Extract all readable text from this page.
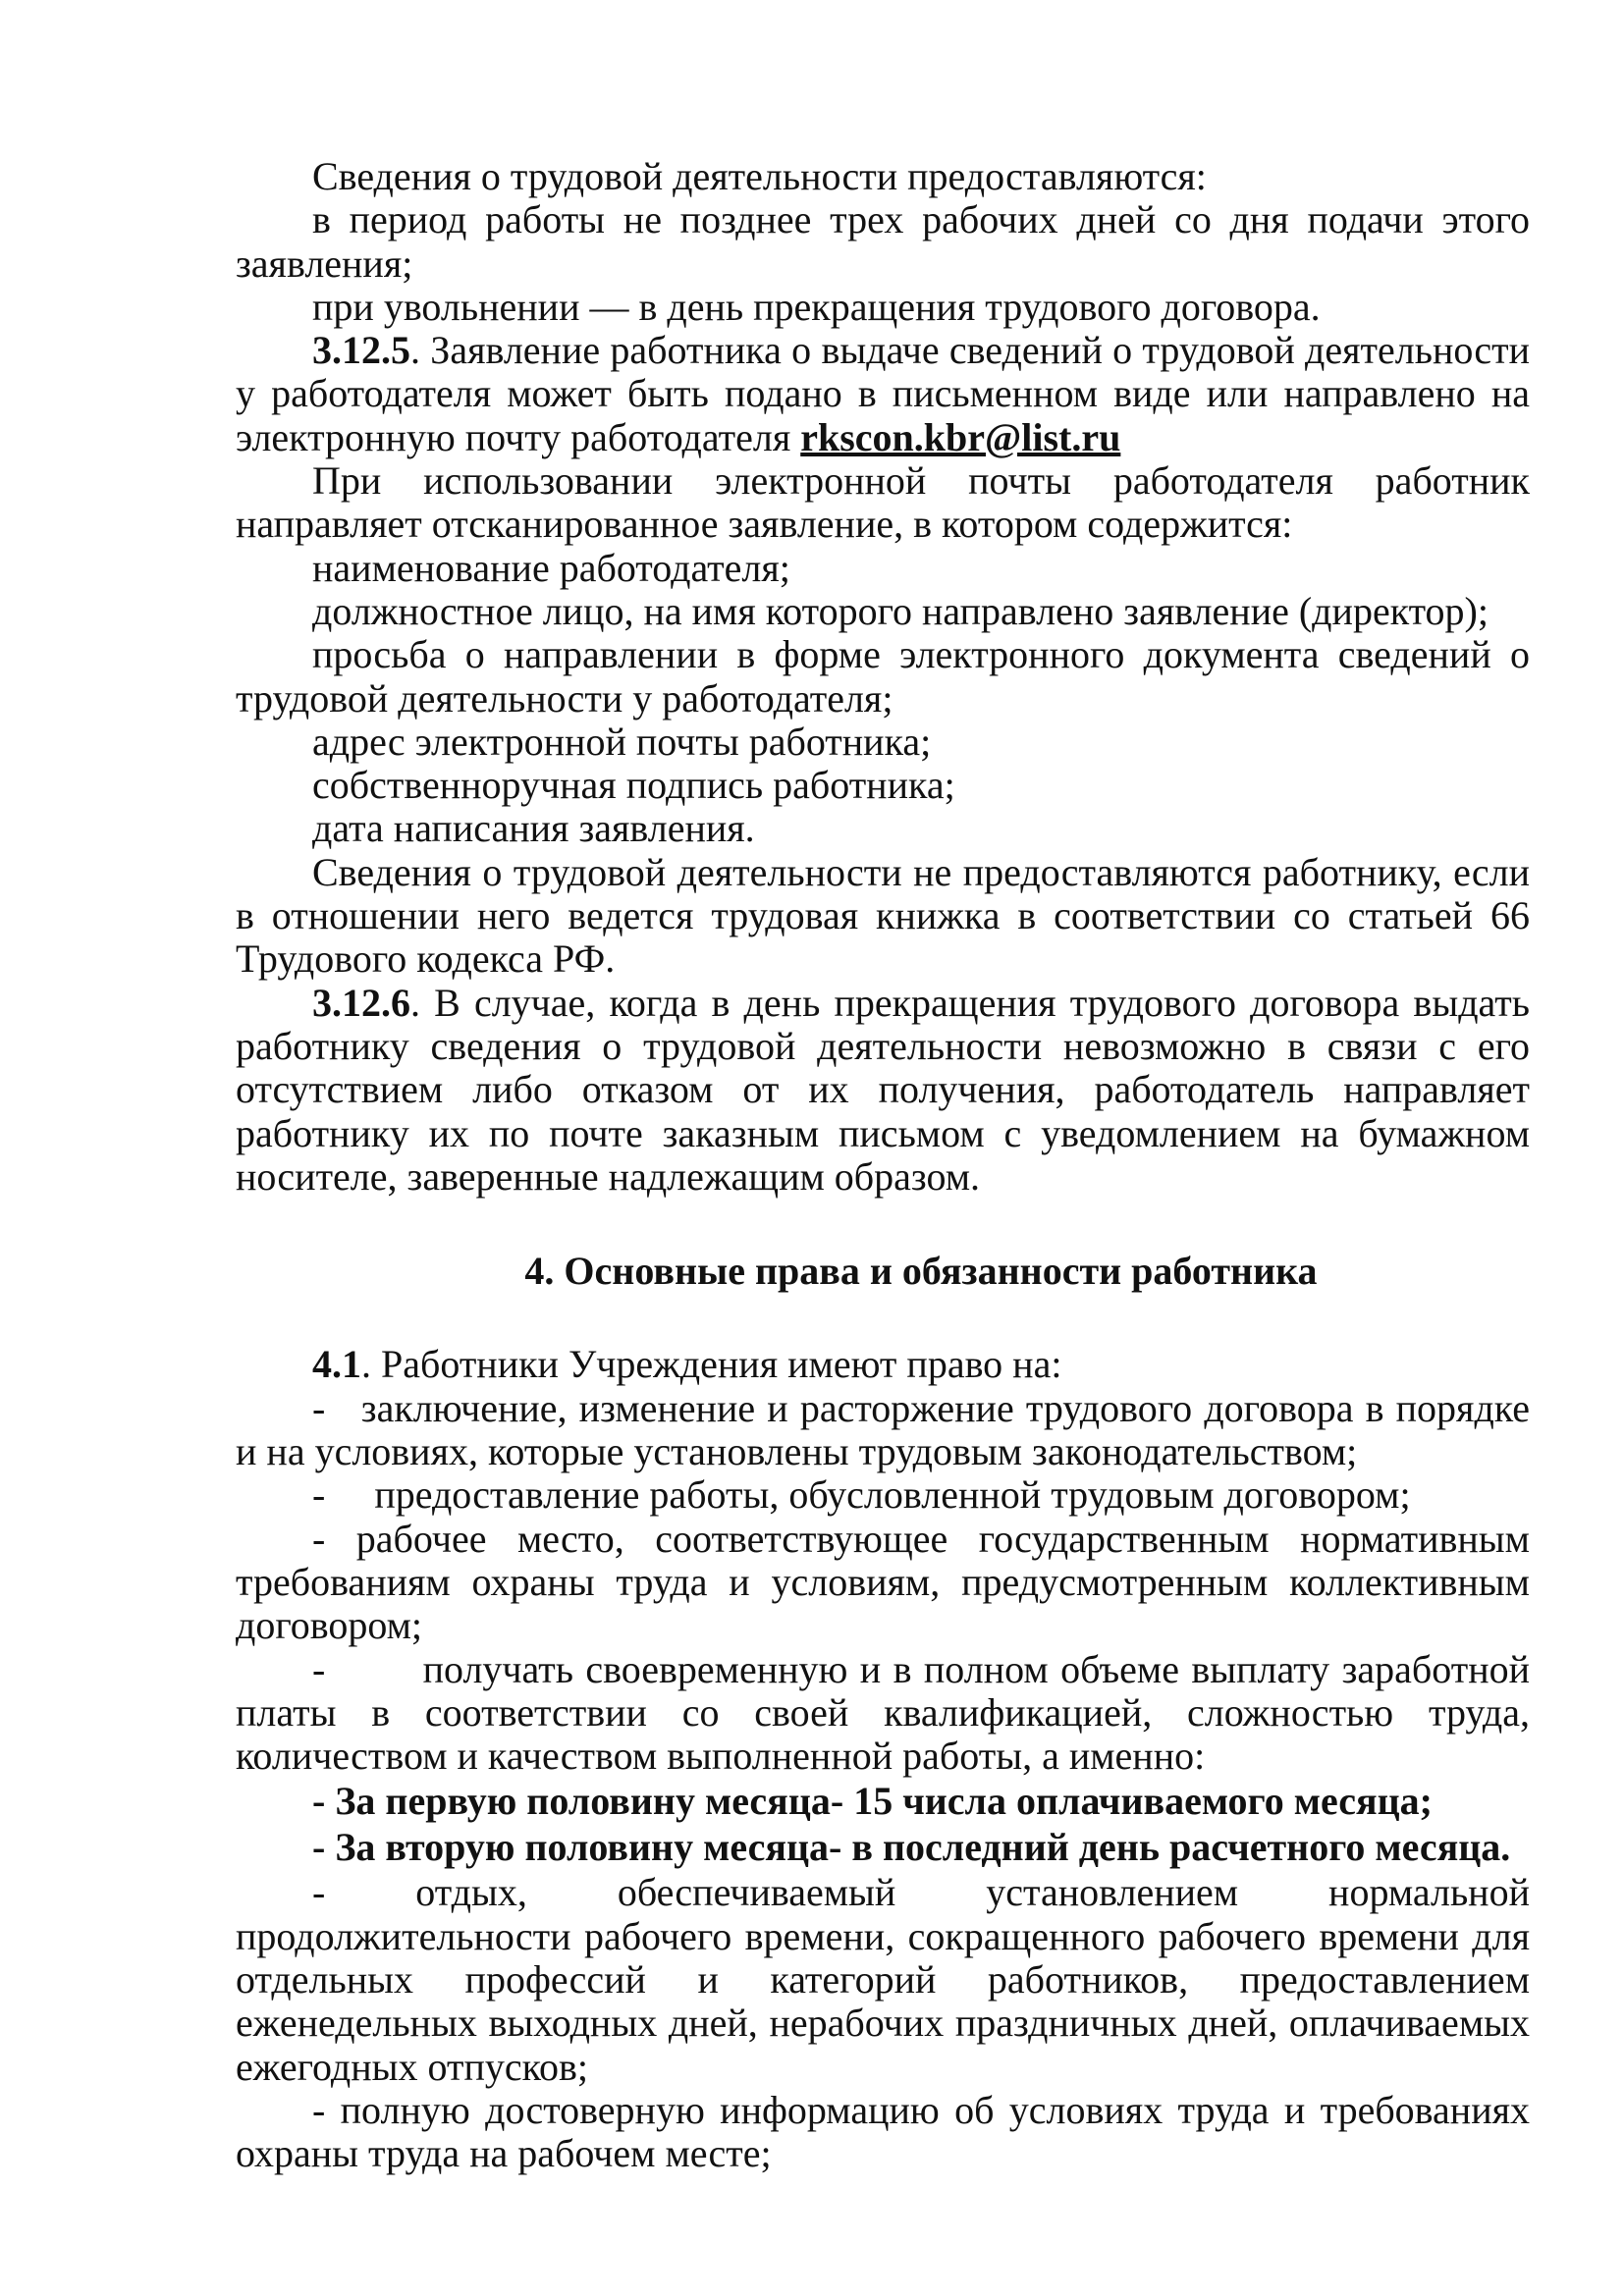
Сведения о трудовой деятельности предоставляются:

в период работы не позднее трех рабочих дней со дня подачи этого заявления;

при увольнении — в день прекращения трудового договора.

3.12.5. Заявление работника о выдаче сведений о трудовой деятельности у работодателя может быть подано в письменном виде или направлено на электронную почту работодателя rkscon.kbr@list.ru

При использовании электронной почты работодателя работник направляет отсканированное заявление, в котором содержится:

наименование работодателя;

должностное лицо, на имя которого направлено заявление (директор);

просьба о направлении в форме электронного документа сведений о трудовой деятельности у работодателя;

адрес электронной почты работника;

собственноручная подпись работника;

дата написания заявления.

Сведения о трудовой деятельности не предоставляются работнику, если в отношении него ведется трудовая книжка в соответствии со статьей 66 Трудового кодекса РФ.

3.12.6. В случае, когда в день прекращения трудового договора выдать работнику сведения о трудовой деятельности невозможно в связи с его отсутствием либо отказом от их получения, работодатель направляет работнику их по почте заказным письмом с уведомлением на бумажном носителе, заверенные надлежащим образом.

4. Основные права и обязанности работника

4.1. Работники Учреждения имеют право на:

-   заключение, изменение и расторжение трудового договора в порядке и на условиях, которые установлены трудовым законодательством;

-     предоставление работы, обусловленной трудовым договором;

- рабочее место, соответствующее государственным нормативным требованиям охраны труда и условиям, предусмотренным коллективным договором;

-        получать своевременную и в полном объеме выплату заработной платы в соответствии со своей квалификацией, сложностью труда, количеством и качеством выполненной работы, а именно:

- За первую половину месяца- 15 числа оплачиваемого месяца;

- За вторую половину месяца- в последний день расчетного месяца.

- отдых, обеспечиваемый установлением нормальной продолжительности рабочего времени, сокращенного рабочего времени для отдельных профессий и категорий работников, предоставлением еженедельных выходных дней, нерабочих праздничных дней, оплачиваемых ежегодных отпусков;

- полную достоверную информацию об условиях труда и требованиях охраны труда на рабочем месте;
